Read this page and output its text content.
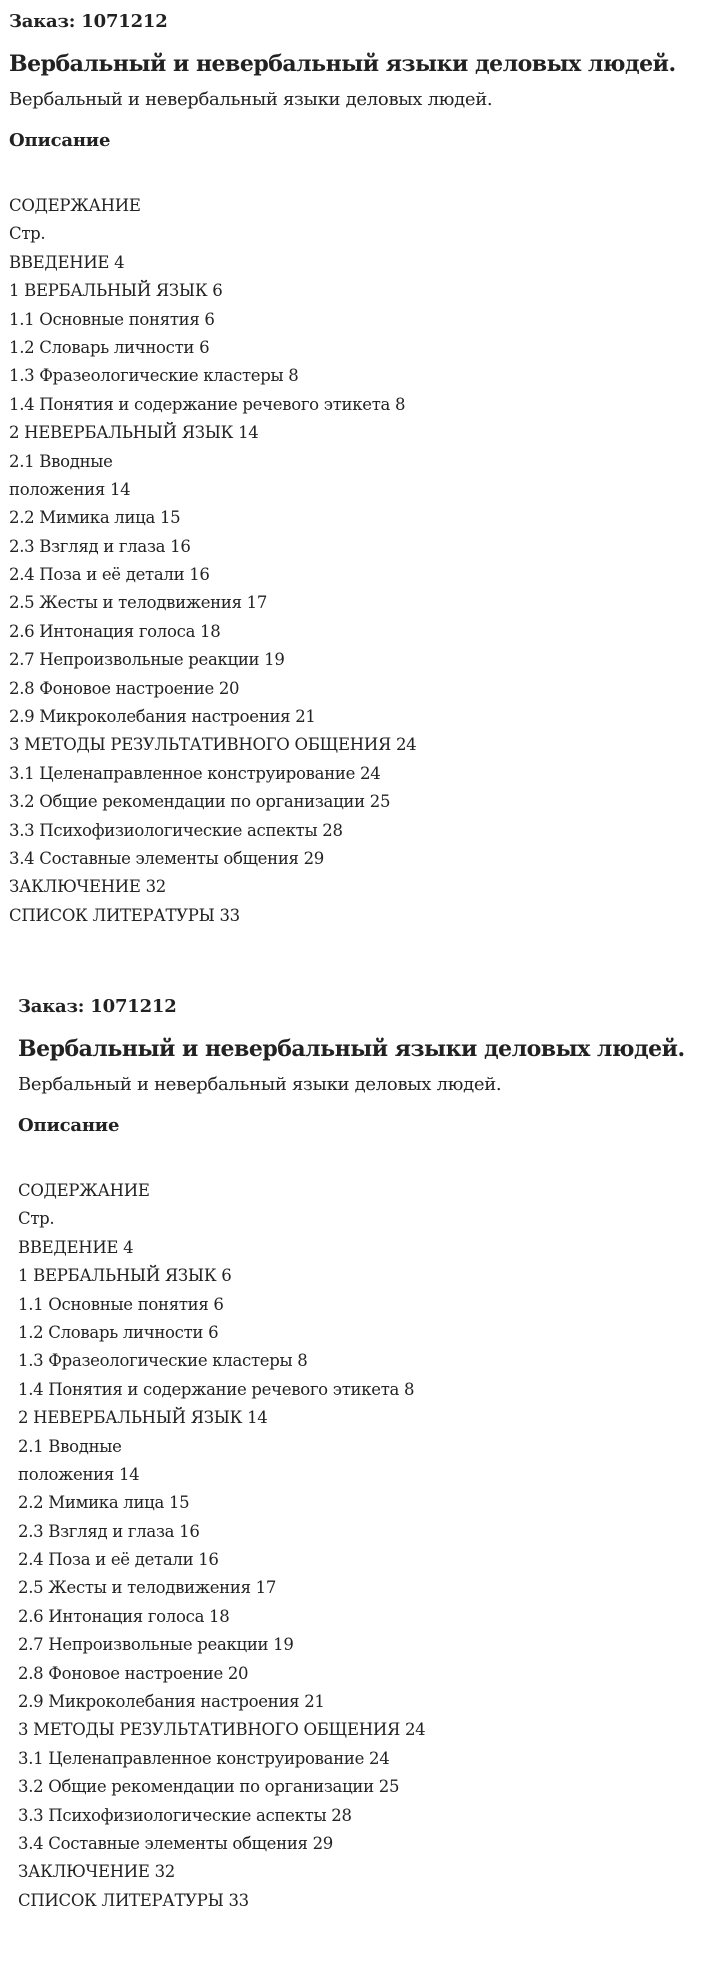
Заказ: 1071212
Вербальный и невербальный языки деловых людей.
Вербальный и невербальный языки деловых людей.
Описание
СОДЕРЖАНИЕ
Стр.
ВВЕДЕНИЕ 4
1 ВЕРБАЛЬНЫЙ ЯЗЫК 6
1.1 Основные понятия 6
1.2 Словарь личности 6
1.3 Фразеологические кластеры 8
1.4 Понятия и содержание речевого этикета 8
2 НЕВЕРБАЛЬНЫЙ ЯЗЫК 14
2.1 Вводные
положения 14
2.2 Мимика лица 15
2.3 Взгляд и глаза 16
2.4 Поза и её детали 16
2.5 Жесты и телодвижения 17
2.6 Интонация голоса 18
2.7 Непроизвольные реакции 19
2.8 Фоновое настроение 20
2.9 Микроколебания настроения 21
3 МЕТОДЫ РЕЗУЛЬТАТИВНОГО ОБЩЕНИЯ 24
3.1 Целенаправленное конструирование 24
3.2 Общие рекомендации по организации 25
3.3 Психофизиологические аспекты 28
3.4 Составные элементы общения 29
ЗАКЛЮЧЕНИЕ 32
СПИСОК ЛИТЕРАТУРЫ 33
Заказ: 1071212
Вербальный и невербальный языки деловых людей.
Вербальный и невербальный языки деловых людей.
Описание
СОДЕРЖАНИЕ
Стр.
ВВЕДЕНИЕ 4
1 ВЕРБАЛЬНЫЙ ЯЗЫК 6
1.1 Основные понятия 6
1.2 Словарь личности 6
1.3 Фразеологические кластеры 8
1.4 Понятия и содержание речевого этикета 8
2 НЕВЕРБАЛЬНЫЙ ЯЗЫК 14
2.1 Вводные
положения 14
2.2 Мимика лица 15
2.3 Взгляд и глаза 16
2.4 Поза и её детали 16
2.5 Жесты и телодвижения 17
2.6 Интонация голоса 18
2.7 Непроизвольные реакции 19
2.8 Фоновое настроение 20
2.9 Микроколебания настроения 21
3 МЕТОДЫ РЕЗУЛЬТАТИВНОГО ОБЩЕНИЯ 24
3.1 Целенаправленное конструирование 24
3.2 Общие рекомендации по организации 25
3.3 Психофизиологические аспекты 28
3.4 Составные элементы общения 29
ЗАКЛЮЧЕНИЕ 32
СПИСОК ЛИТЕРАТУРЫ 33
